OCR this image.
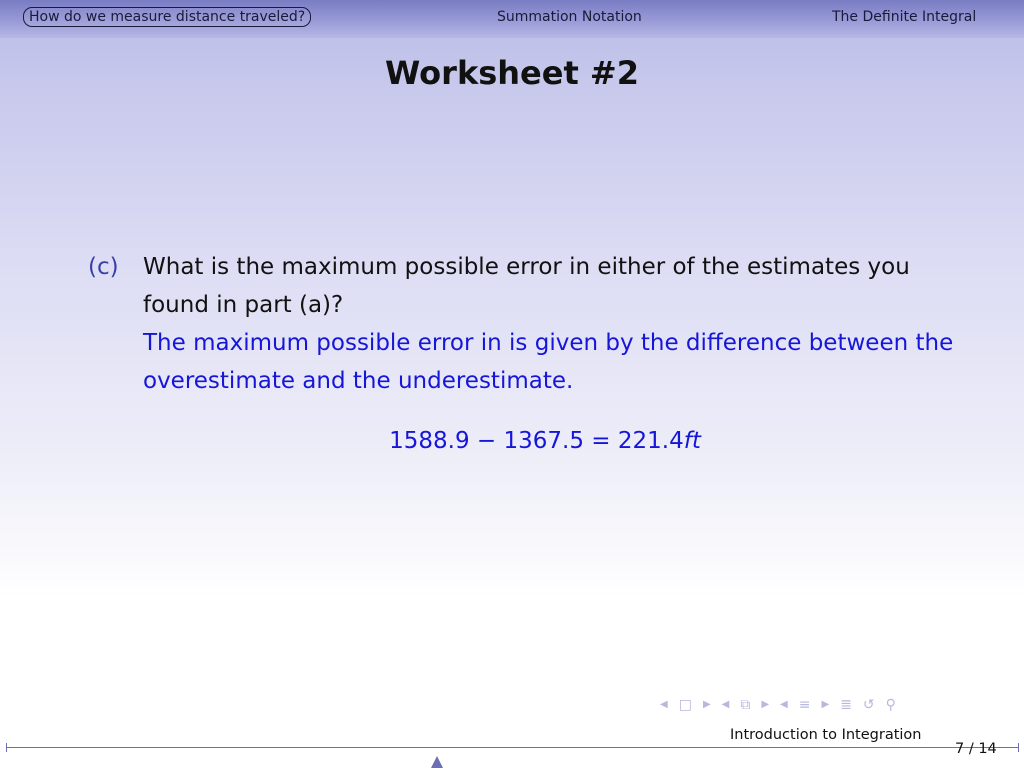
How do we measure distance traveled?	Summation Notation	The Definite Integral
Worksheet #2
(c) What is the maximum possible error in either of the estimates you found in part (a)?
The maximum possible error in is given by the difference between the overestimate and the underestimate.
1588.9 − 1367.5 = 221.4ft
◀ □ ▶ ◀ ⧉ ▶ ◀ ≡ ▶ ≣ ↺ ⚲
Introduction to Integration
7 / 14
